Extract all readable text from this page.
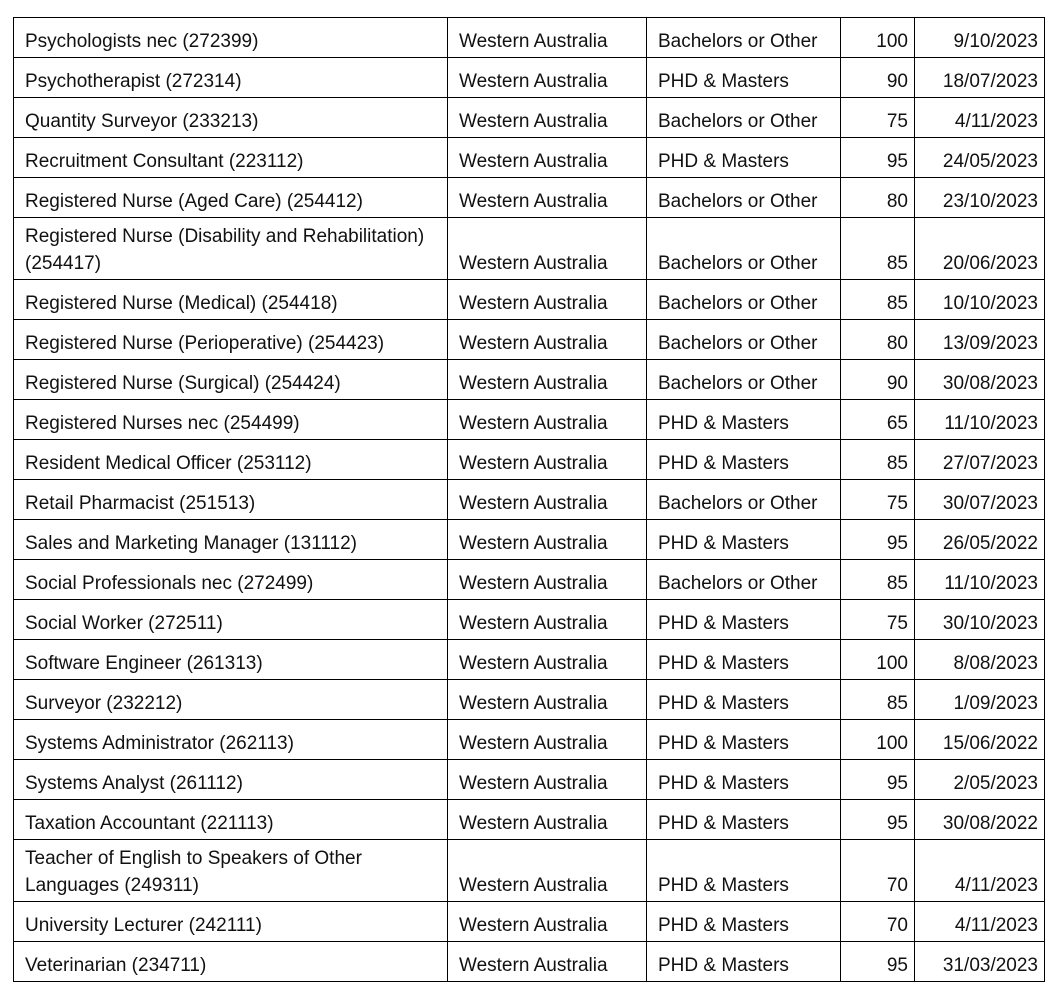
Psychologists nec (272399)	Western Australia	Bachelors or Other	100	9/10/2023

Psychotherapist (272314)	Western Australia	PHD & Masters	90	18/07/2023

Quantity Surveyor (233213)	Western Australia	Bachelors or Other	75	4/11/2023

Recruitment Consultant (223112)	Western Australia	PHD & Masters	95	24/05/2023

Registered Nurse (Aged Care) (254412)	Western Australia	Bachelors or Other	80	23/10/2023

Registered Nurse (Disability and Rehabilitation) (254417)	Western Australia	Bachelors or Other	85	20/06/2023

Registered Nurse (Medical) (254418)	Western Australia	Bachelors or Other	85	10/10/2023

Registered Nurse (Perioperative) (254423)	Western Australia	Bachelors or Other	80	13/09/2023

Registered Nurse (Surgical) (254424)	Western Australia	Bachelors or Other	90	30/08/2023

Registered Nurses nec (254499)	Western Australia	PHD & Masters	65	11/10/2023

Resident Medical Officer (253112)	Western Australia	PHD & Masters	85	27/07/2023

Retail Pharmacist (251513)	Western Australia	Bachelors or Other	75	30/07/2023

Sales and Marketing Manager (131112)	Western Australia	PHD & Masters	95	26/05/2022

Social Professionals nec (272499)	Western Australia	Bachelors or Other	85	11/10/2023

Social Worker (272511)	Western Australia	PHD & Masters	75	30/10/2023

Software Engineer (261313)	Western Australia	PHD & Masters	100	8/08/2023

Surveyor (232212)	Western Australia	PHD & Masters	85	1/09/2023

Systems Administrator (262113)	Western Australia	PHD & Masters	100	15/06/2022

Systems Analyst (261112)	Western Australia	PHD & Masters	95	2/05/2023

Taxation Accountant (221113)	Western Australia	PHD & Masters	95	30/08/2022

Teacher of English to Speakers of Other Languages (249311)	Western Australia	PHD & Masters	70	4/11/2023

University Lecturer (242111)	Western Australia	PHD & Masters	70	4/11/2023

Veterinarian (234711)	Western Australia	PHD & Masters	95	31/03/2023
